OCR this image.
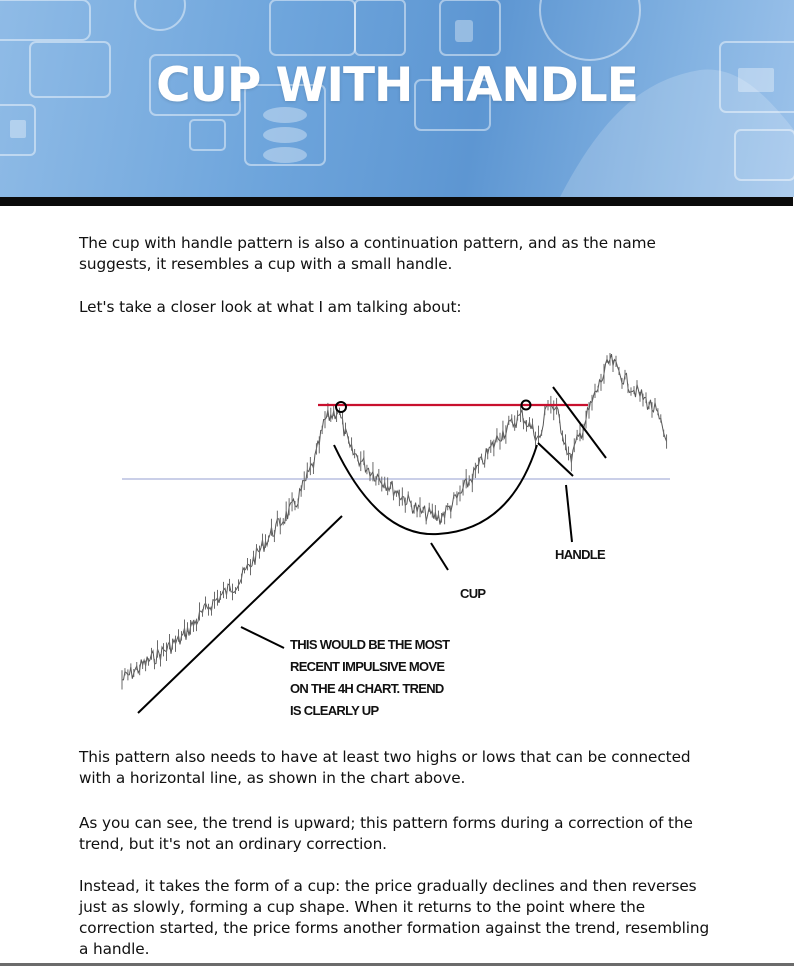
CUP WITH HANDLE

The cup with handle pattern is also a continuation pattern, and as the name suggests, it resembles a cup with a small handle.

Let's take a closer look at what I am talking about:

CUP
HANDLE
THIS WOULD BE THE MOST
RECENT IMPULSIVE MOVE
ON THE 4H CHART. TREND
IS CLEARLY UP

This pattern also needs to have at least two highs or lows that can be connected with a horizontal line, as shown in the chart above.

As you can see, the trend is upward; this pattern forms during a correction of the trend, but it's not an ordinary correction.

Instead, it takes the form of a cup: the price gradually declines and then reverses just as slowly, forming a cup shape. When it returns to the point where the correction started, the price forms another formation against the trend, resembling a handle.
